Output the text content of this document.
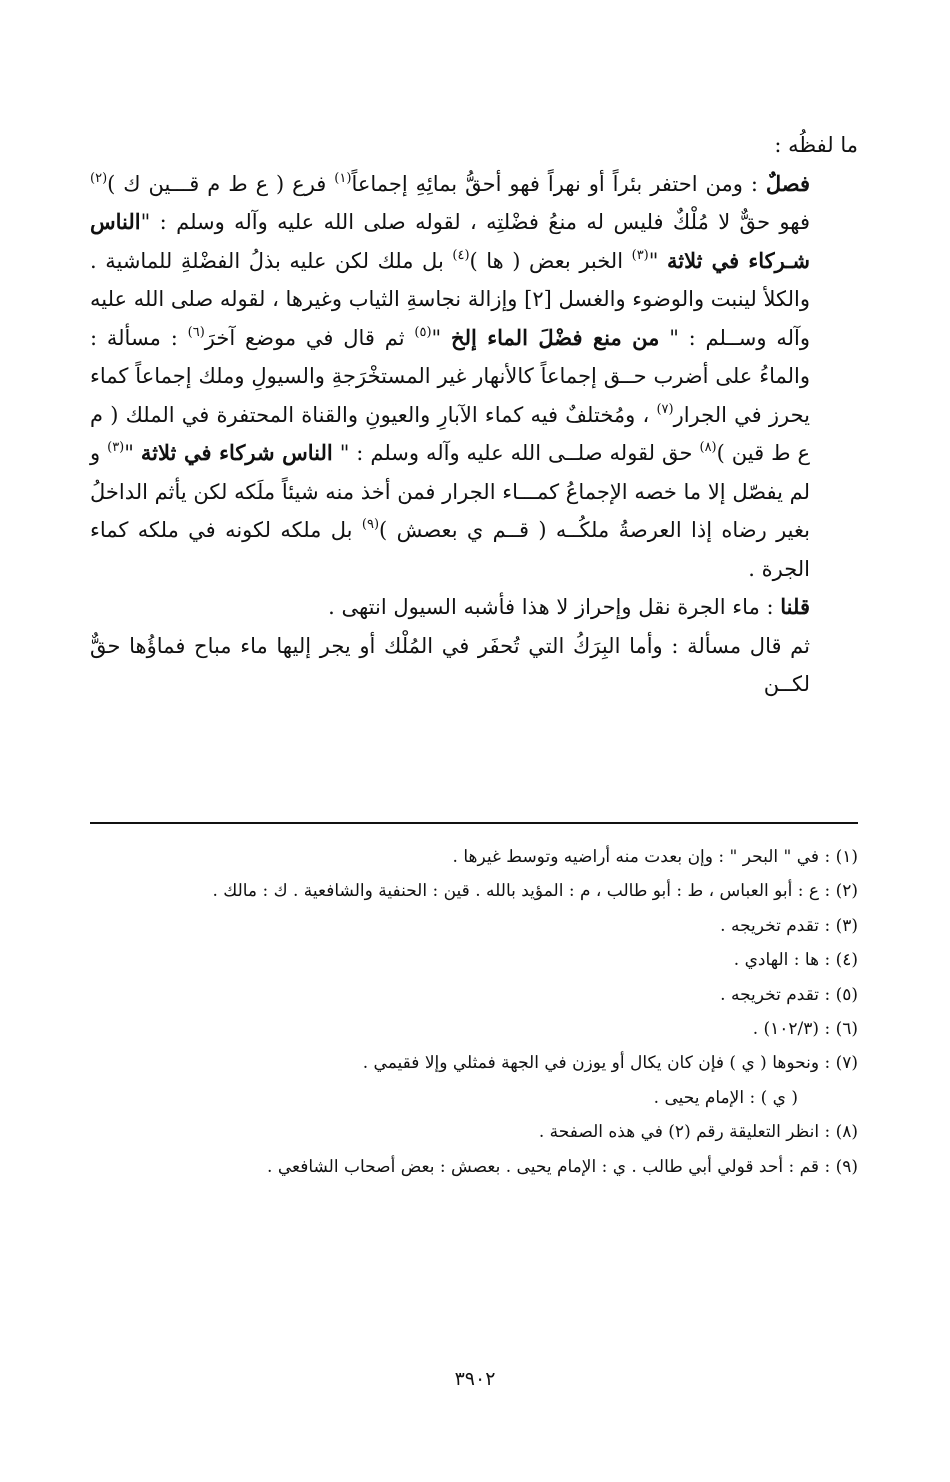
ما لفظُه :

فصلٌ : ومن احتفر بئراً أو نهراً فهو أحقُّ بمائِهِ إجماعاً$^{(١)}$ فرع ( ع ط م قـــين ك )$^{(٢)}$ فهو حقٌّ لا مُلْكٌ فليس له منعُ فضْلتِه ، لقوله صلى الله عليه وآله وسلم : "الناس شـركاء في ثلاثة "$^{(٣)}$ الخبر بعض ( ها )$^{(٤)}$ بل ملك لكن عليه بذلُ الفضْلةِ للماشية . والكلأ لينبت والوضوء والغسل [٢] وإزالة نجاسةِ الثياب وغيرها ، لقوله صلى الله عليه وآله وســلم : " من منع فضْلَ الماء إلخ "$^{(٥)}$ ثم قال في موضع آخرَ$^{(٦)}$ : مسألة : والماءُ على أضرب حــق إجماعاً كالأنهار غير المستخْرَجةِ والسيولِ وملك إجماعاً كماء يحرز في الجرار$^{(٧)}$ ، ومُختلفٌ فيه كماء الآبارِ والعيونِ والقناة المحتفرة في الملك ( م ع ط قين )$^{(٨)}$ حق لقوله صلــى الله عليه وآله وسلم : " الناس شركاء في ثلاثة "$^{(٣)}$ و لم يفصّل إلا ما خصه الإجماعُ كمـــاء الجرار فمن أخذ منه شيئاً ملَكه لكن يأثم الداخلُ بغير رضاه إذا العرصةُ ملكُــه ( قــم ي بعصش )$^{(٩)}$ بل ملكه لكونه في ملكه كماء الجرة .

قلنا : ماء الجرة نقل وإحراز لا هذا فأشبه السيول انتهى .

ثم قال مسألة : وأما البِرَكُ التي تُحفَر في المُلْك أو يجر إليها ماء مباح فماؤُها حقٌّ لكــن

(١) : في " البحر " : وإن بعدت منه أراضيه وتوسط غيرها .

(٢) : ع : أبو العباس ، ط : أبو طالب ، م : المؤيد بالله . قين : الحنفية والشافعية . ك : مالك .

(٣) : تقدم تخريجه .

(٤) : ها : الهادي .

(٥) : تقدم تخريجه .

(٦) : (١٠٢/٣) .

(٧) : ونحوها ( ي ) فإن كان يكال أو يوزن في الجهة فمثلي وإلا فقيمي .

( ي ) : الإمام يحيى .

(٨) : انظر التعليقة رقم (٢) في هذه الصفحة .

(٩) : قم : أحد قولي أبي طالب . ي : الإمام يحيى . بعصش : بعض أصحاب الشافعي .

٣٩٠٢
